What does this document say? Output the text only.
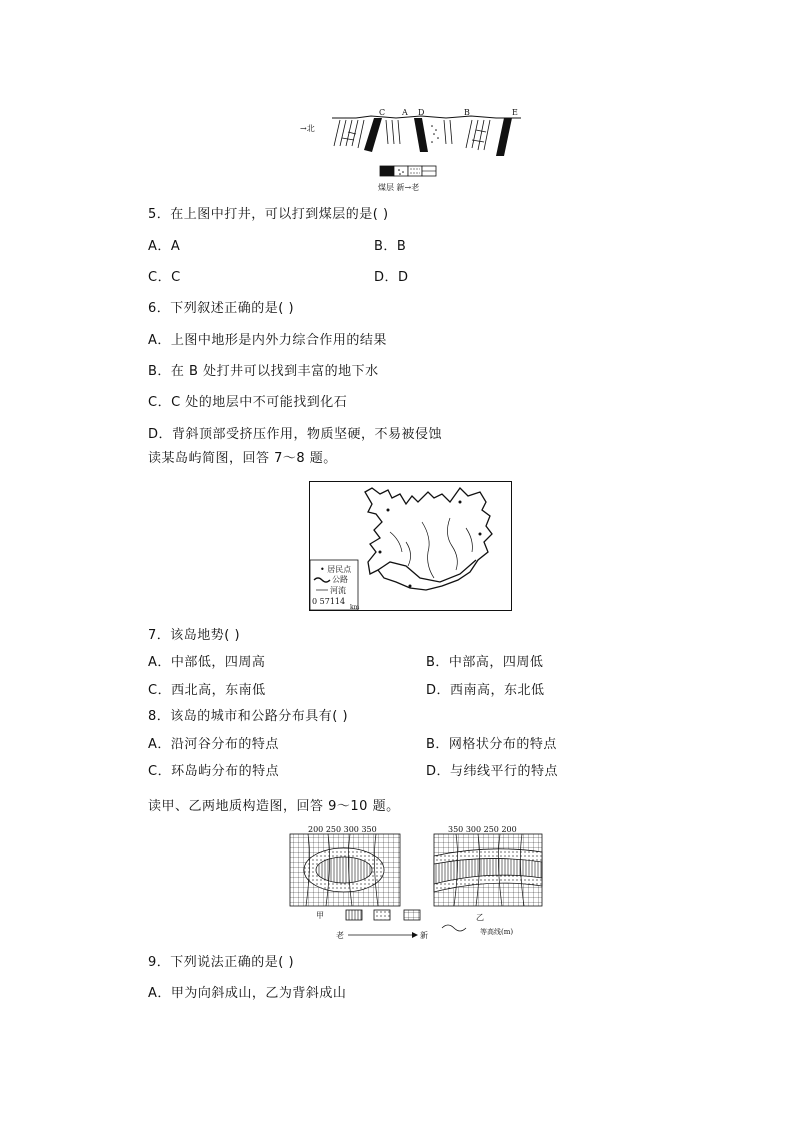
C A D	B	E
→北
煤层 新→老
5．在上图中打井，可以打到煤层的是( )
A．A	B．B
C．C	D．D
6．下列叙述正确的是( )
A．上图中地形是内外力综合作用的结果
B．在 B 处打井可以找到丰富的地下水
C．C 处的地层中不可能找到化石
D．背斜顶部受挤压作用，物质坚硬，不易被侵蚀
读某岛屿简图，回答 7～8 题。
• 居民点
公路
河流
0 57114
km
7．该岛地势( )
A．中部低，四周高	B．中部高，四周低
C．西北高，东南低	D．西南高，东北低
8．该岛的城市和公路分布具有( )
A．沿河谷分布的特点	B．网格状分布的特点
C．环岛屿分布的特点	D．与纬线平行的特点
读甲、乙两地质构造图，回答 9～10 题。
200 250 300 350	350 300 250 200
甲	乙
老	新	等高线(m)
9．下列说法正确的是( )
A．甲为向斜成山，乙为背斜成山
